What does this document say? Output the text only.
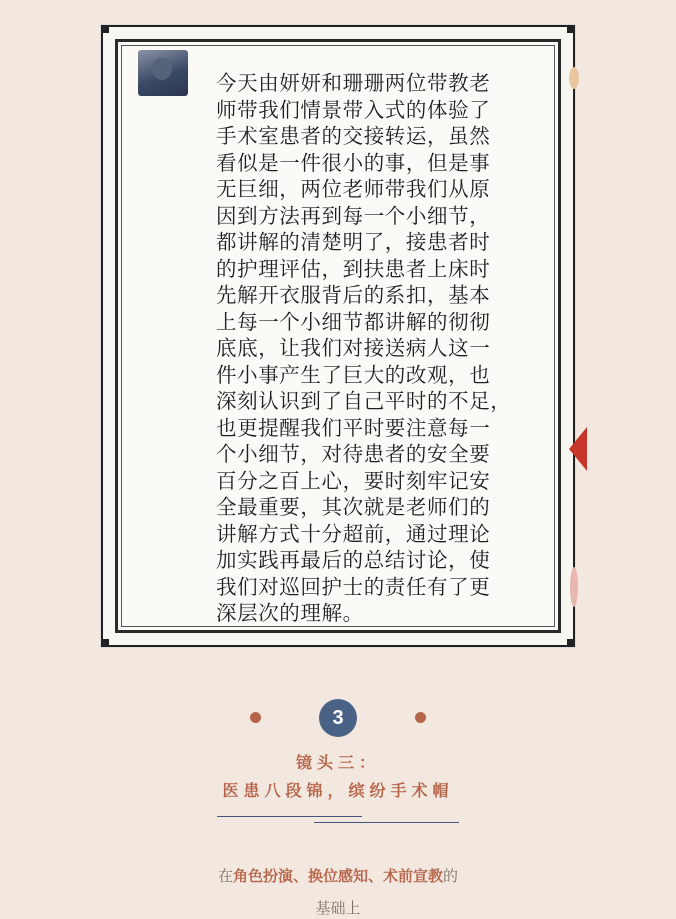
今天由妍妍和珊珊两位带教老
师带我们情景带入式的体验了
手术室患者的交接转运，虽然
看似是一件很小的事，但是事
无巨细，两位老师带我们从原
因到方法再到每一个小细节，
都讲解的清楚明了，接患者时
的护理评估，到扶患者上床时
先解开衣服背后的系扣，基本
上每一个小细节都讲解的彻彻
底底，让我们对接送病人这一
件小事产生了巨大的改观，也
深刻认识到了自己平时的不足，
也更提醒我们平时要注意每一
个小细节，对待患者的安全要
百分之百上心，要时刻牢记安
全最重要，其次就是老师们的
讲解方式十分超前，通过理论
加实践再最后的总结讨论，使
我们对巡回护士的责任有了更
深层次的理解。
3
镜头三：
医患八段锦，缤纷手术帽
在角色扮演、换位感知、术前宣教的
基础上
